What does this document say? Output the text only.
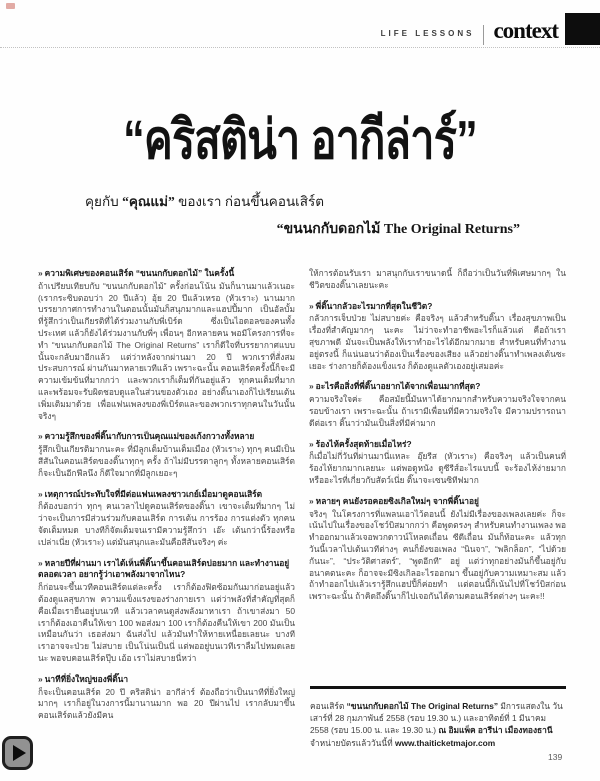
LIFE LESSONS context
“คริสติน่า อากีล่าร์”
คุยกับ “คุณแม่” ของเรา ก่อนขึ้นคอนเสิร์ต
“ขนนกกับดอกไม้ The Original Returns”

» ความพิเศษของคอนเสิร์ต “ขนนกกับดอกไม้” ในครั้งนี้

ถ้าเปรียบเทียบกับ “ขนนกกับดอกไม้” ครั้งก่อนโน้น มันก็นานมาแล้วเนอะ (เรากระซิบตอบว่า 20 ปีแล้ว) อุ้ย 20 ปีแล้วเหรอ (หัวเราะ) นานมาก บรรยากาศการทำงานในตอนนั้นมันก็สนุกมากและแฮปปี้มาก เป็นอัลบั้มที่รู้สึกว่าเป็นเกียรติที่ได้ร่วมงานกับพี่เบิร์ด ซึ่งเป็นไอดอลของคนทั้งประเทศ แล้วก็ยังได้ร่วมงานกับพี่ๆ เพื่อนๆ อีกหลายคน พอมีโครงการที่จะทำ “ขนนกกับดอกไม้ The Original Returns” เราก็ดีใจที่บรรยากาศแบบนั้นจะกลับมาอีกแล้ว แต่ว่าหลังจากผ่านมา 20 ปี พวกเราที่สั่งสมประสบการณ์ ผ่านกันมาหลายเวทีแล้ว เพราะฉะนั้น คอนเสิร์ตครั้งนี้ก็จะมีความเข้มข้นที่มากกว่า และพวกเราก็เต็มที่กันอยู่แล้ว ทุกคนเต็มที่มาก และพร้อมจะรับผิดชอบดูแลในส่วนของตัวเอง อย่างติ๊นาเองก็ไปเรียนเต้นเพิ่มเติมมาด้วย เพื่อแฟนเพลงของพี่เบิร์ดและของพวกเราทุกคนในวันนั้นจริงๆ

» ความรู้สึกของพี่ติ๊นากับการเป็นคุณแม่ของเก้งกวางทั้งหลาย

รู้สึกเป็นเกียรติมากนะคะ ที่มีลูกเต็มบ้านเต็มเมือง (หัวเราะ) ทุกๆ คนมีเป็นสีสันในคอนเสิร์ตของติ๊นาทุกๆ ครั้ง ถ้าไม่มีบรรดาลูกๆ ทั้งหลายคอนเสิร์ตก็จะเป็นอีกฟีลนึง ก็ดีใจมากที่มีลูกเยอะๆ

» เหตุการณ์ประทับใจที่มีต่อแฟนเพลงชาวเกย์เมื่อมาดูคอนเสิร์ต

ก็ต้องบอกว่า ทุกๆ คนเวลาไปดูคอนเสิร์ตของติ๊นา เขาจะเต็มที่มากๆ ไม่ว่าจะเป็นการมีส่วนร่วมกับคอนเสิร์ต การเต้น การร้อง การแต่งตัว ทุกคนจัดเต็มหมด บางทีก็จัดเต็มจนเรามีความรู้สึกว่า เอ๊ะ เต้นกว่านี้ร้องหรือเปล่าเนี่ย (หัวเราะ) แต่มันสนุกและมันคือสีสันจริงๆ ค่ะ

» หลายปีที่ผ่านมา เราได้เห็นพี่ติ๊นาขึ้นคอนเสิร์ตบ่อยมาก และทำงานอยู่ตลอดเวลา อยากรู้ว่าเอาพลังมาจากไหน?

ก็ก่อนจะขึ้นเวทีคอนเสิร์ตแต่ละครั้ง เราก็ต้องฟิตซ้อมกันมาก่อนอยู่แล้ว ต้องดูแลสุขภาพ ความแข็งแรงของร่างกายเรา แต่ว่าพลังที่สำคัญที่สุดก็คือเมื่อเรายืนอยู่บนเวที แล้วเวลาคนดูส่งพลังมาหาเรา ถ้าเขาส่งมา 50 เราก็ต้องเอาคืนให้เขา 100 พอส่งมา 100 เราก็ต้องคืนให้เขา 200 มันเป็นเหมือนกันว่า เธอส่งมา ฉันส่งไป แล้วมันทำให้หายเหนื่อยเลยนะ บางทีเราอาจจะป่วย ไม่สบาย เป็นโน่นเป็นนี่ แต่พออยู่บนเวทีเราลืมไปหมดเลยนะ พอจบคอนเสิร์ตปุ๊บ เอ้อ เราไม่สบายนี่หว่า

» นาทีที่ยิ่งใหญ่ของพี่ติ๊นา

ก็จะเป็นคอนเสิร์ต 20 ปี คริสติน่า อากีล่าร์ ต้องถือว่าเป็นนาทีที่ยิ่งใหญ่มากๆ เราก็อยู่ในวงการนี้มานานมาก พอ 20 ปีผ่านไป เรากลับมาขึ้นคอนเสิร์ตแล้วยังมีคน

ให้การต้อนรับเรา มาสนุกกับเราขนาดนี้ ก็ถือว่าเป็นวันที่พิเศษมากๆ ในชีวิตของติ๊นาเลยนะคะ

» พี่ติ๊นากลัวอะไรมากที่สุดในชีวิต?

กลัวการเจ็บป่วย ไม่สบายค่ะ คือจริงๆ แล้วสำหรับติ๊นา เรื่องสุขภาพเป็นเรื่องที่สำคัญมากๆ นะคะ ไม่ว่าจะทำอาชีพอะไรก็แล้วแต่ คือถ้าเราสุขภาพดี มันจะเป็นพลังให้เราทำอะไรได้อีกมากมาย สำหรับคนที่ทำงานอยู่ตรงนี้ ก็แน่นอนว่าต้องเป็นเรื่องของเสียง แล้วอย่างติ๊นาทำเพลงเต้นซะเยอะ ร่างกายก็ต้องแข็งแรง ก็ต้องดูแลตัวเองอยู่เสมอค่ะ

» อะไรคือสิ่งที่พี่ติ๊นาอยากได้จากเพื่อนมากที่สุด?

ความจริงใจค่ะ คือสมัยนี้มันหาได้ยากมากสำหรับความจริงใจจากคนรอบข้างเรา เพราะฉะนั้น ถ้าเรามีเพื่อนที่มีความจริงใจ มีความปรารถนาดีต่อเรา ติ๊นาว่ามันเป็นสิ่งที่มีค่ามาก

» ร้องไห้ครั้งสุดท้ายเมื่อไหร่?

ก็เมื่อไม่กี่วันที่ผ่านมานี่แหละ อุ๊ยรีส (หัวเราะ) คือจริงๆ แล้วเป็นคนที่ร้องไห้ยากมากเลยนะ แต่พอดูหนัง ดูซีรีส์อะไรแบบนี้ จะร้องไห้ง่ายมาก หรืออะไรที่เกี่ยวกับสัตว์เนี่ย ติ๊นาจะเซนซิทีฟมาก

» หลายๆ คนยังรอคอยซิงเกิลใหม่ๆ จากพี่ติ๊นาอยู่

จริงๆ ในโครงการที่แพลนเอาไว้ตอนนี้ ยังไม่มีเรื่องของเพลงเลยค่ะ ก็จะเน้นไปในเรื่องของโชว์บิสมากกว่า คือพูดตรงๆ สำหรับคนทำงานเพลง พอทำออกมาแล้วเจอพวกดาวน์โหลดเถื่อน ซีดีเถื่อน มันก็ท้อนะคะ แล้วทุกวันนี้เวลาไปเต้นเวทีต่างๆ คนก็ยังขอเพลง “นินจา”, “พลิกล็อก”, “ไปด้วยกันนะ”, “ประวัติศาสตร์”, “พูดอีกที” อยู่ แต่ว่าทุกอย่างมันก็ขึ้นอยู่กับอนาคตนะคะ ก็อาจจะมีซิงเกิลอะไรออกมา ขึ้นอยู่กับความเหมาะสม แล้วถ้าทำออกไปแล้วเรารู้สึกแฮปปี้ก็ค่อยทำ แต่ตอนนี้ก็เน้นไปที่โชว์บิสก่อน เพราะฉะนั้น ถ้าคิดถึงติ๊นาก็ไปเจอกันได้ตามคอนเสิร์ตต่างๆ นะคะ!!

คอนเสิร์ต “ขนนกกับดอกไม้ The Original Returns” มีการแสดงใน วันเสาร์ที่ 28 กุมภาพันธ์ 2558 (รอบ 19.30 น.) และอาทิตย์ที่ 1 มีนาคม 2558 (รอบ 15.00 น. และ 19.30 น.) ณ อิมแพ็ค อารีน่า เมืองทองธานี จำหน่ายบัตรแล้ววันนี้ที่ www.thaiticketmajor.com
139
